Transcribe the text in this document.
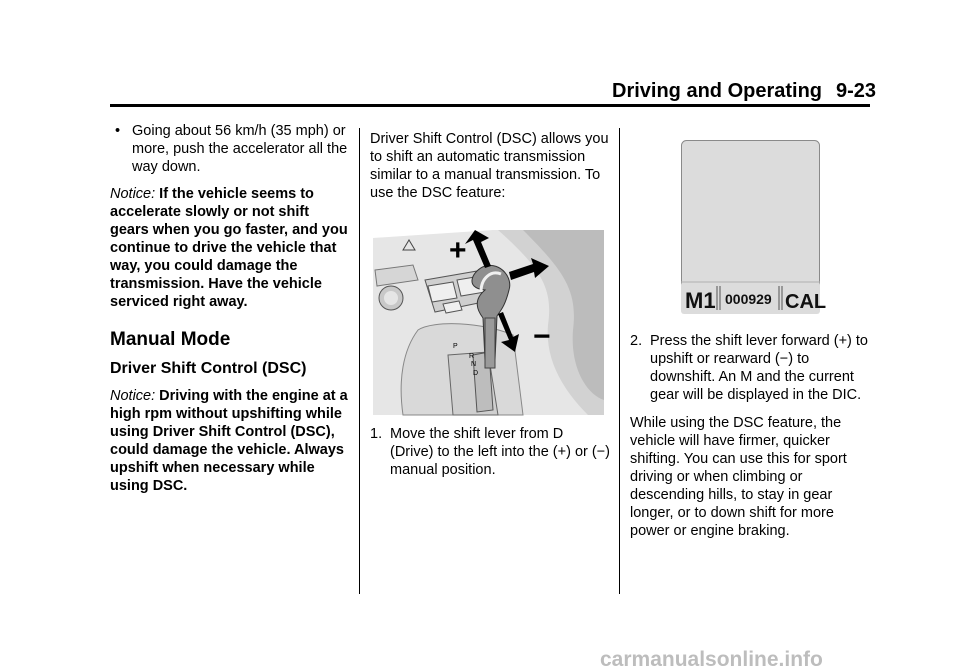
Driving and Operating 9-23
• Going about 56 km/h (35 mph) or more, push the accelerator all the way down.

Notice: If the vehicle seems to accelerate slowly or not shift gears when you go faster, and you continue to drive the vehicle that way, you could damage the transmission. Have the vehicle serviced right away.

Manual Mode
Driver Shift Control (DSC)

Notice: Driving with the engine at a high rpm without upshifting while using Driver Shift Control (DSC), could damage the vehicle. Always upshift when necessary while using DSC.

Driver Shift Control (DSC) allows you to shift an automatic transmission similar to a manual transmission. To use the DSC feature:

+
−
P
R
N
D
1. Move the shift lever from D (Drive) to the left into the (+) or (−) manual position.
M1 000929 CAL
2. Press the shift lever forward (+) to upshift or rearward (−) to downshift. An M and the current gear will be displayed in the DIC.

While using the DSC feature, the vehicle will have firmer, quicker shifting. You can use this for sport driving or when climbing or descending hills, to stay in gear longer, or to down shift for more power or engine braking.

carmanualsonline.info
